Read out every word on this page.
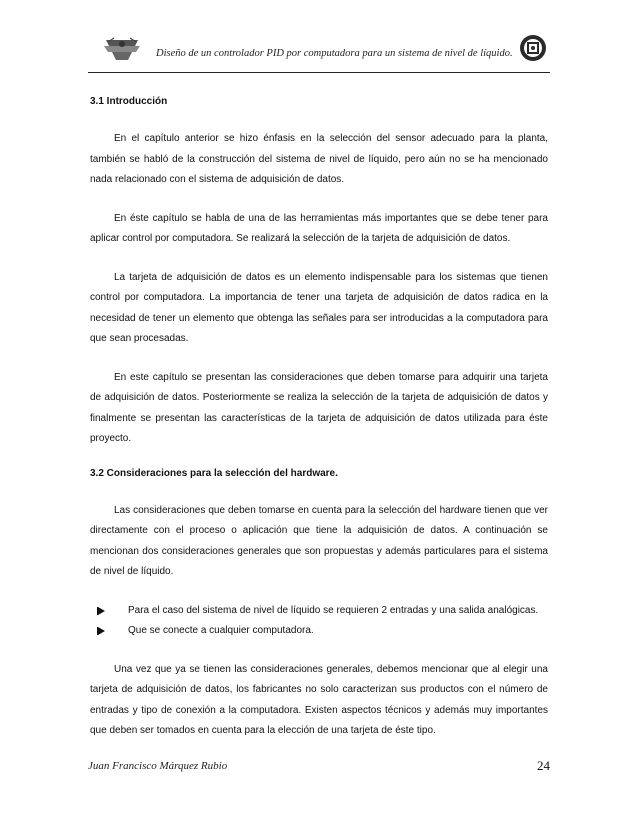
Diseño de un controlador PID por computadora para un sistema de nivel de líquido.
3.1 Introducción

En el capítulo anterior se hizo énfasis en la selección del sensor adecuado para la planta, también se habló de la construcción del sistema de nivel de líquido, pero aún no se ha mencionado nada relacionado con el sistema de adquisición de datos.

En éste capítulo se habla de una de las herramientas más importantes que se debe tener para aplicar control por computadora. Se realizará la selección de la tarjeta de adquisición de datos.

La tarjeta de adquisición de datos es un elemento indispensable para los sistemas que tienen control por computadora. La importancia de tener una tarjeta de adquisición de datos radica en la necesidad de tener un elemento que obtenga las señales para ser introducidas a la computadora para que sean procesadas.

En este capítulo se presentan las consideraciones que deben tomarse para adquirir una tarjeta de adquisición de datos. Posteriormente se realiza la selección de la tarjeta de adquisición de datos y finalmente se presentan las características de la tarjeta de adquisición de datos utilizada para éste proyecto.

3.2 Consideraciones para la selección del hardware.

Las consideraciones que deben tomarse en cuenta para la selección del hardware tienen que ver directamente con el proceso o aplicación que tiene la adquisición de datos. A continuación se mencionan dos consideraciones generales que son propuestas y además particulares para el sistema de nivel de líquido.

Para el caso del sistema de nivel de líquido se requieren 2 entradas y una salida analógicas.
Que se conecte a cualquier computadora.

Una vez que ya se tienen las consideraciones generales, debemos mencionar que al elegir una tarjeta de adquisición de datos, los fabricantes no solo caracterizan sus productos con el número de entradas y tipo de conexión a la computadora. Existen aspectos técnicos y además muy importantes que deben ser tomados en cuenta para la elección de una tarjeta de éste tipo.

Juan Francisco Márquez Rubio	24
